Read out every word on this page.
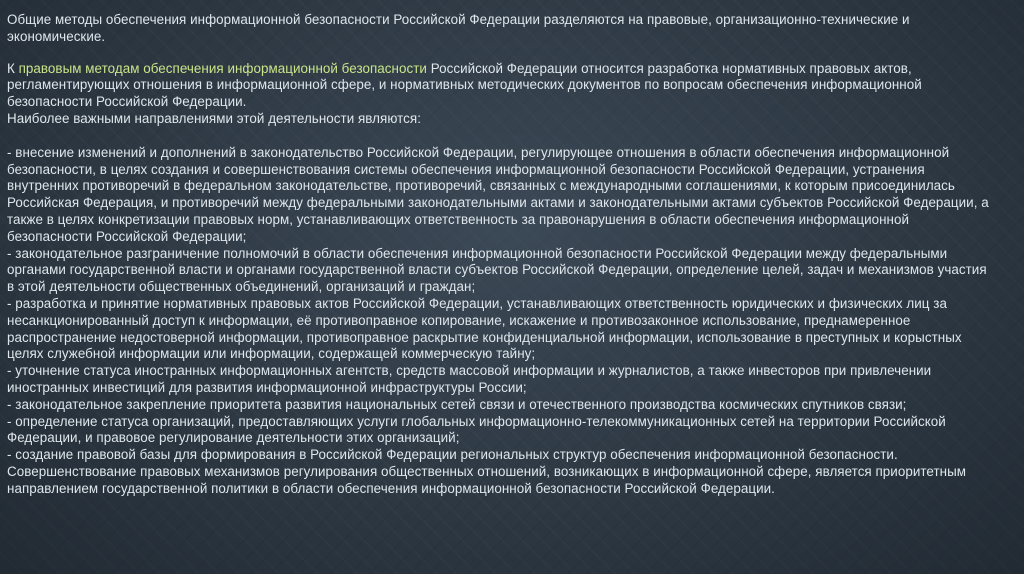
Общие методы обеспечения информационной безопасности Российской Федерации разделяются на правовые, организационно-технические и экономические.

К правовым методам обеспечения информационной безопасности Российской Федерации относится разработка нормативных правовых актов, регламентирующих отношения в информационной сфере, и нормативных методических документов по вопросам обеспечения информационной безопасности Российской Федерации.

Наиболее важными направлениями этой деятельности являются:

- внесение изменений и дополнений в законодательство Российской Федерации, регулирующее отношения в области обеспечения информационной безопасности, в целях создания и совершенствования системы обеспечения информационной безопасности Российской Федерации, устранения внутренних противоречий в федеральном законодательстве, противоречий, связанных с международными соглашениями, к которым присоединилась Российская Федерация, и противоречий между федеральными законодательными актами и законодательными актами субъектов Российской Федерации, а также в целях конкретизации правовых норм, устанавливающих ответственность за правонарушения в области обеспечения информационной безопасности Российской Федерации;

- законодательное разграничение полномочий в области обеспечения информационной безопасности Российской Федерации между федеральными органами государственной власти и органами государственной власти субъектов Российской Федерации, определение целей, задач и механизмов участия в этой деятельности общественных объединений, организаций и граждан;

- разработка и принятие нормативных правовых актов Российской Федерации, устанавливающих ответственность юридических и физических лиц за несанкционированный доступ к информации, её противоправное копирование, искажение и противозаконное использование, преднамеренное распространение недостоверной информации, противоправное раскрытие конфиденциальной информации, использование в преступных и корыстных целях служебной информации или информации, содержащей коммерческую тайну;

- уточнение статуса иностранных информационных агентств, средств массовой информации и журналистов, а также инвесторов при привлечении иностранных инвестиций для развития информационной инфраструктуры России;

- законодательное закрепление приоритета развития национальных сетей связи и отечественного производства космических спутников связи;

- определение статуса организаций, предоставляющих услуги глобальных информационно-телекоммуникационных сетей на территории Российской Федерации, и правовое регулирование деятельности этих организаций;

- создание правовой базы для формирования в Российской Федерации региональных структур обеспечения информационной безопасности.

Совершенствование правовых механизмов регулирования общественных отношений, возникающих в информационной сфере, является приоритетным направлением государственной политики в области обеспечения информационной безопасности Российской Федерации.
